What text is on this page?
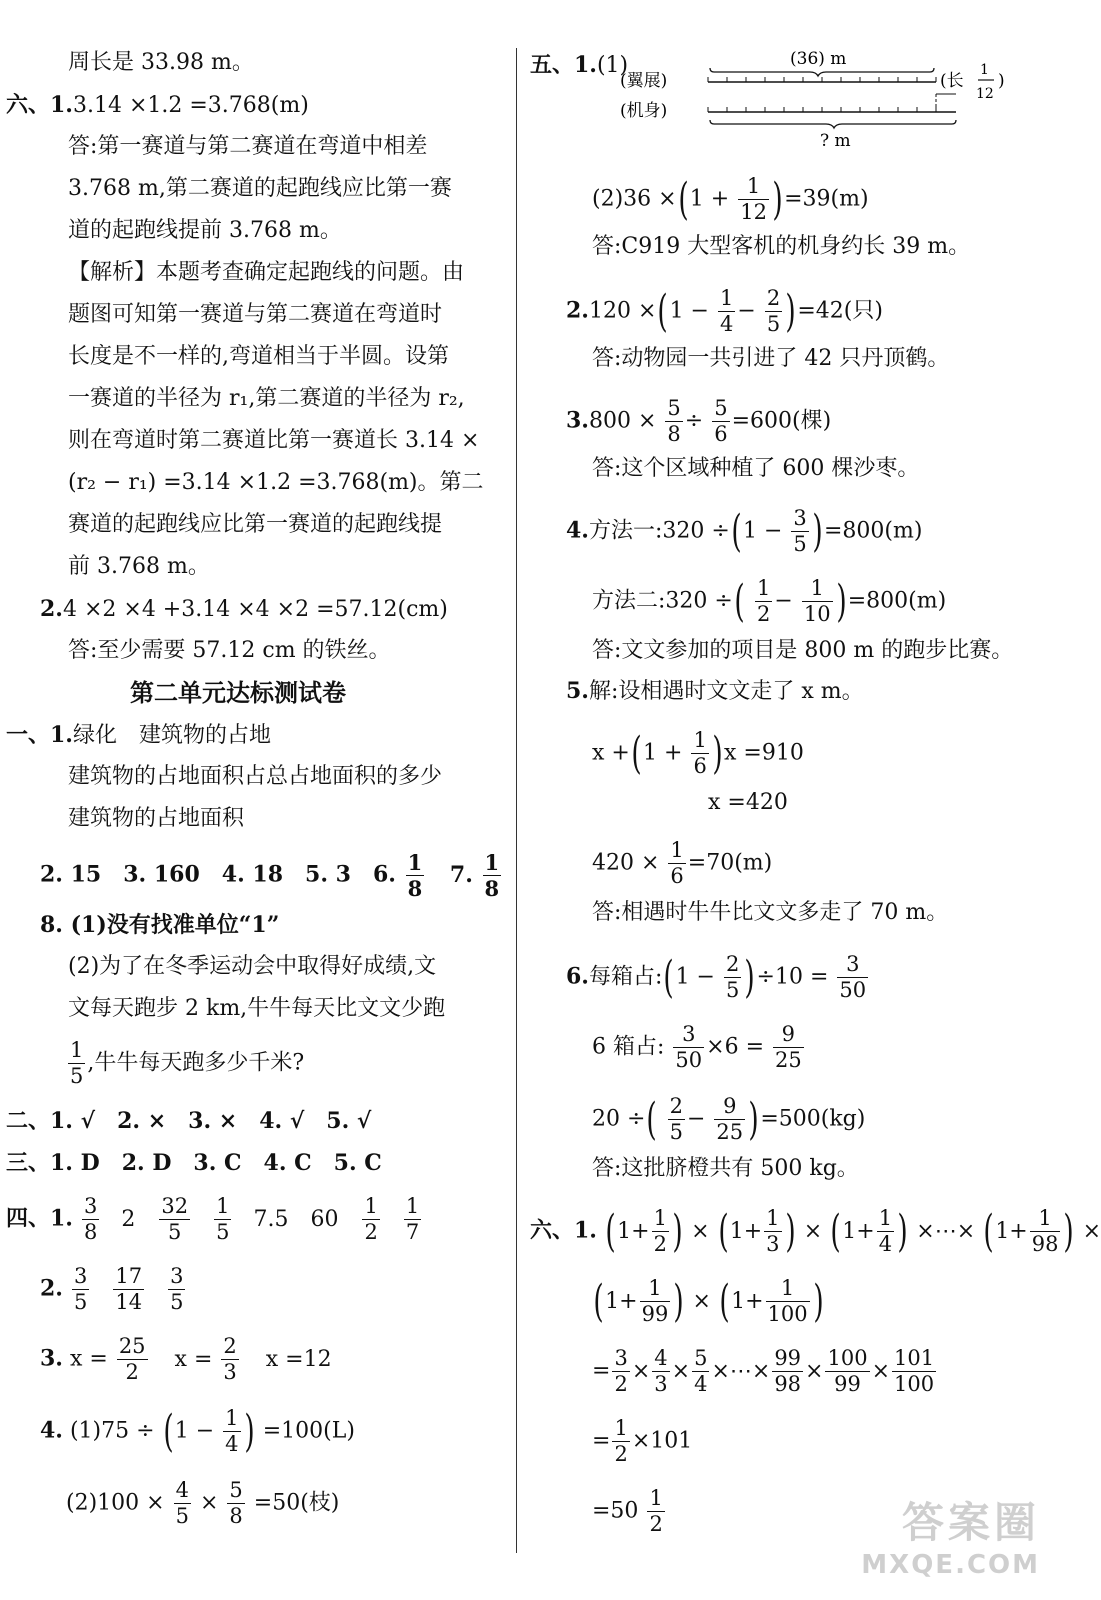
周长是 33.98 m。
六、1.3.14 ×1.2 =3.768(m)
答:第一赛道与第二赛道在弯道中相差
3.768 m,第二赛道的起跑线应比第一赛
道的起跑线提前 3.768 m。
【解析】本题考查确定起跑线的问题。由
题图可知第一赛道与第二赛道在弯道时
长度是不一样的,弯道相当于半圆。设第
一赛道的半径为 r₁,第二赛道的半径为 r₂,
则在弯道时第二赛道比第一赛道长 3.14 ×
(r₂ − r₁) =3.14 ×1.2 =3.768(m)。第二
赛道的起跑线应比第一赛道的起跑线提
前 3.768 m。
2.4 ×2 ×4 +3.14 ×4 ×2 =57.12(cm)
答:至少需要 57.12 cm 的铁丝。
第二单元达标测试卷
一、1.绿化　建筑物的占地
建筑物的占地面积占总占地面积的多少
建筑物的占地面积
2. 15　3. 160　4. 18　5. 3　6. $\frac{1}{8} 7$. $\frac{1}{8}$
8. (1)没有找准单位“1”
(2)为了在冬季运动会中取得好成绩,文
文每天跑步 2 km,牛牛每天比文文少跑
$\frac{1}{5}$ ,牛牛每天跑多少千米?
二、1. √　2. ×　3. ×　4. √　5. √
三、1. D　2. D　3. C　4. C　5. C
四、1. $\frac{3}{8} 2 \frac{32}{5} \frac{1}{5} 7.5$ $60 \frac{1}{2} \frac{1}{7}$
2. $\frac{3}{5} \frac{17}{14} \frac{3}{5}$
3. $x = \frac{25}{2}$ $x = \frac{2}{3}$ x =12
4. $(1)75 \div (1 - \frac{1}{4}$ ) =100(L)
$(2)100 \times \frac{4}{5} \times \frac{5}{8} =50$(枝)
五、1.(1)	(36) m
(翼展)	(长
1
12
)
(机身)
? m
$(2)36 \times(1 + \frac{1}{12} )=39(m)$
答:C919 大型客机的机身约长 39 m。
$2.120 \times(1 - \frac{1}{4} - \frac{2}{5} )=42$(只)
答:动物园一共引进了 42 只丹顶鹤。
$3.800 \times \frac{5}{8} \div \frac{5}{6} =600$(棵)
答:这个区域种植了 600 棵沙枣。
4.方法一:320 $\div(1 - \frac{3}{5} )=800(m)$
方法二:320 ÷( $\frac{1}{2} - \frac{1}{10} )=800(m)$
答:文文参加的项目是 800 m 的跑步比赛。
5.解:设相遇时文文走了 x m。
$x +(1 + \frac{1}{6} )x =910$
x =420
$420 \times \frac{1}{6} =70(m)$
答:相遇时牛牛比文文多走了 70 m。
6.每箱占:(1 − $\frac{2}{5} )\div 10 = \frac{3}{50}$
6 箱占: $\frac{3}{50} \times 6 = \frac{9}{25}$
20 ÷( $\frac{2}{5} - \frac{9}{25} )=500(kg)$
答:这批脐橙共有 500 kg。
六、1. ($1+ \frac{1}{2}$ ) × ($1+ \frac{1}{3}$ ) × ($1+ \frac{1}{4}$ ) ×⋯× ($1+ \frac{1}{98}$ ) ×
($1+ \frac{1}{99}$ ) × ($1+ \frac{1}{100}$ )
= $\frac{3}{2} \times \frac{4}{3} \times \frac{5}{4}$ ×⋯× $\frac{99}{98} \times \frac{100}{99} \times \frac{101}{100}$
= $\frac{1}{2} \times 101$
$=50 \frac{1}{2}$	答案圈
MXQE.COM
